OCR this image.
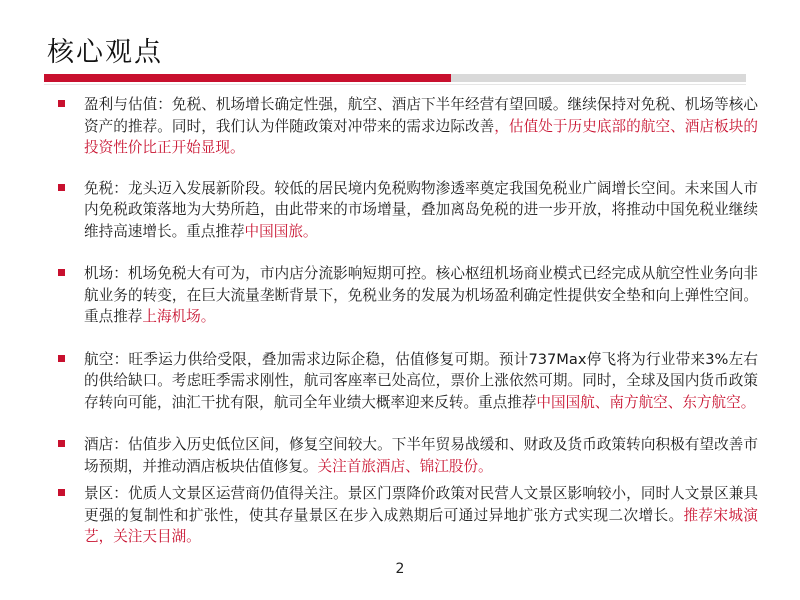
核心观点
盈利与估值：免税、机场增长确定性强，航空、酒店下半年经营有望回暖。继续保持对免税、机场等核心资产的推荐。同时，我们认为伴随政策对冲带来的需求边际改善，估值处于历史底部的航空、酒店板块的投资性价比正开始显现。
免税：龙头迈入发展新阶段。较低的居民境内免税购物渗透率奠定我国免税业广阔增长空间。未来国人市内免税政策落地为大势所趋，由此带来的市场增量，叠加离岛免税的进一步开放，将推动中国免税业继续维持高速增长。重点推荐中国国旅。
机场：机场免税大有可为，市内店分流影响短期可控。核心枢纽机场商业模式已经完成从航空性业务向非航业务的转变，在巨大流量垄断背景下，免税业务的发展为机场盈利确定性提供安全垫和向上弹性空间。重点推荐上海机场。
航空：旺季运力供给受限，叠加需求边际企稳，估值修复可期。预计737Max停飞将为行业带来3%左右的供给缺口。考虑旺季需求刚性，航司客座率已处高位，票价上涨依然可期。同时，全球及国内货币政策存转向可能，油汇干扰有限，航司全年业绩大概率迎来反转。重点推荐中国国航、南方航空、东方航空。
酒店：估值步入历史低位区间，修复空间较大。下半年贸易战缓和、财政及货币政策转向积极有望改善市场预期，并推动酒店板块估值修复。关注首旅酒店、锦江股份。
景区：优质人文景区运营商仍值得关注。景区门票降价政策对民营人文景区影响较小，同时人文景区兼具更强的复制性和扩张性，使其存量景区在步入成熟期后可通过异地扩张方式实现二次增长。推荐宋城演艺，关注天目湖。
2
